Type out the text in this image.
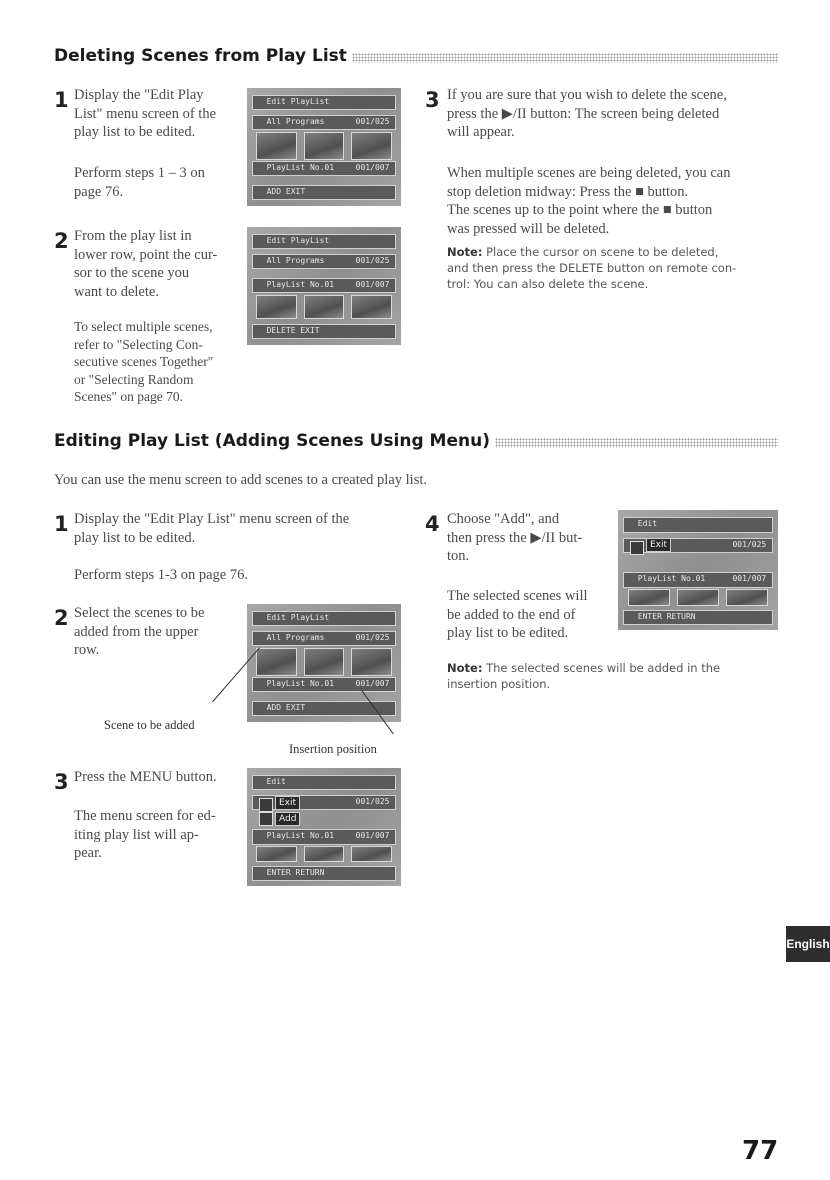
Deleting Scenes from Play List
1 Display the "Edit Play
List" menu screen of the
play list to be edited.
Perform steps 1 – 3 on
page 76.
Edit PlayList
All Programs	001/025
PlayList No.01	001/007
ADD EXIT
2 From the play list in
lower row, point the cur-
sor to the scene you
want to delete.
To select multiple scenes,
refer to "Selecting Con-
secutive scenes Together"
or "Selecting Random
Scenes" on page 70.
Edit PlayList
All Programs	001/025
PlayList No.01	001/007
DELETE EXIT
3 If you are sure that you wish to delete the scene,
press the ▶/II button: The screen being deleted
will appear.
When multiple scenes are being deleted, you can
stop deletion midway: Press the ■ button.
The scenes up to the point where the ■ button
was pressed will be deleted.
Note: Place the cursor on scene to be deleted,
and then press the DELETE button on remote con-
trol: You can also delete the scene.
Editing Play List (Adding Scenes Using Menu)
You can use the menu screen to add scenes to a created play list.
1 Display the "Edit Play List" menu screen of the
play list to be edited.
Perform steps 1-3 on page 76.
2 Select the scenes to be
added from the upper
row.
Edit PlayList
All Programs	001/025
PlayList No.01	001/007
ADD EXIT
Scene to be added
Insertion position
3 Press the MENU button.
The menu screen for ed-
iting play list will ap-
pear.
Edit
001/025
Exit
Add
PlayList No.01	001/007
ENTER RETURN
4 Choose "Add", and
then press the ▶/II but-
ton.
The selected scenes will
be added to the end of
play list to be edited.
Edit
001/025
Exit
PlayList No.01	001/007
ENTER RETURN
Note: The selected scenes will be added in the
insertion position.
English
77
